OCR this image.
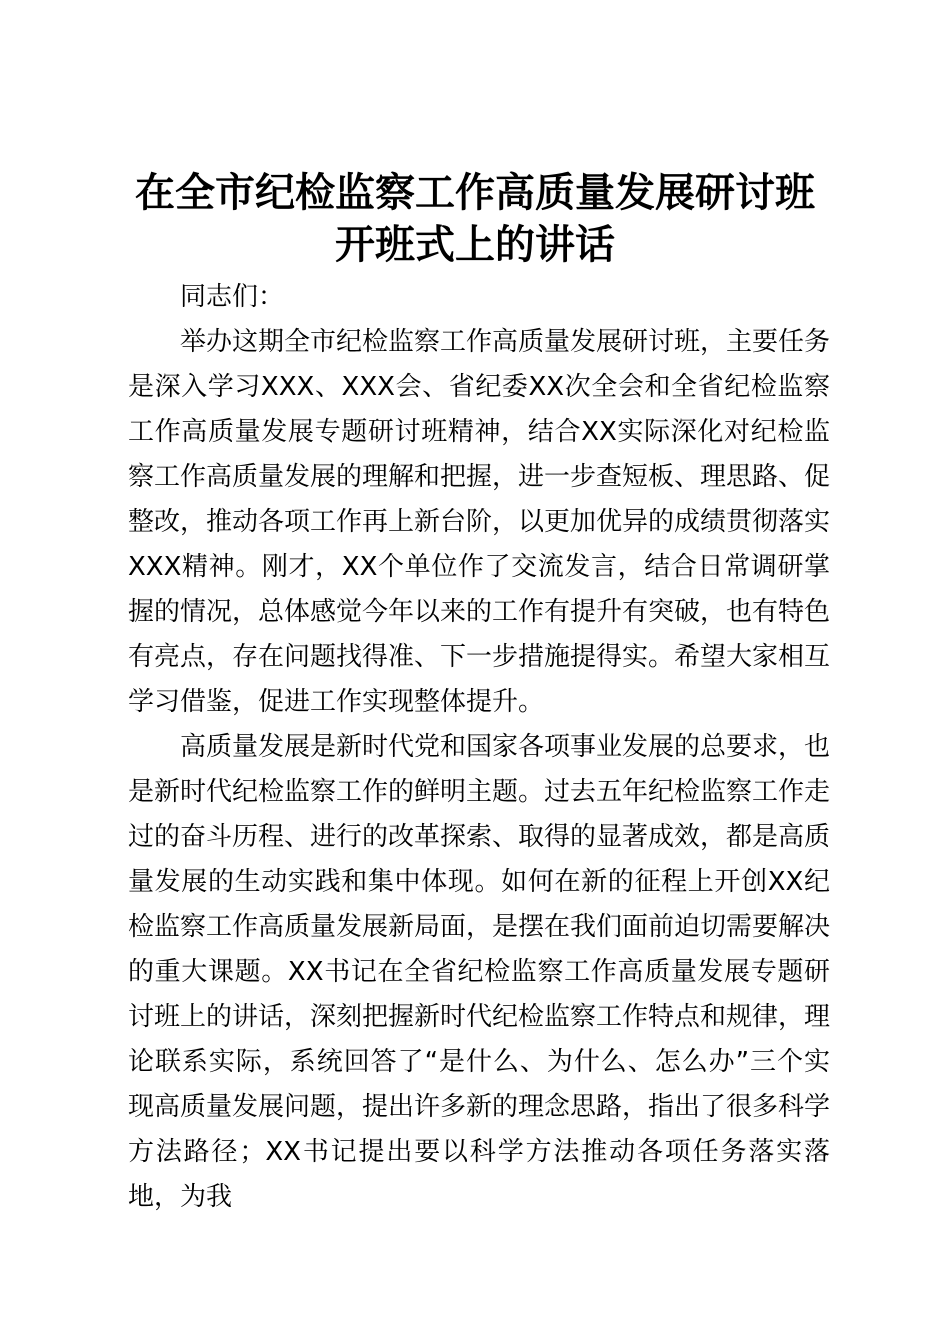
在全市纪检监察工作高质量发展研讨班
开班式上的讲话

同志们：

举办这期全市纪检监察工作高质量发展研讨班，主要任务是深入学习XXX、XXX会、省纪委XX次全会和全省纪检监察工作高质量发展专题研讨班精神，结合XX实际深化对纪检监察工作高质量发展的理解和把握，进一步查短板、理思路、促整改，推动各项工作再上新台阶，以更加优异的成绩贯彻落实XXX精神。刚才，XX个单位作了交流发言，结合日常调研掌握的情况，总体感觉今年以来的工作有提升有突破，也有特色有亮点，存在问题找得准、下一步措施提得实。希望大家相互学习借鉴，促进工作实现整体提升。

高质量发展是新时代党和国家各项事业发展的总要求，也是新时代纪检监察工作的鲜明主题。过去五年纪检监察工作走过的奋斗历程、进行的改革探索、取得的显著成效，都是高质量发展的生动实践和集中体现。如何在新的征程上开创XX纪检监察工作高质量发展新局面，是摆在我们面前迫切需要解决的重大课题。XX书记在全省纪检监察工作高质量发展专题研讨班上的讲话，深刻把握新时代纪检监察工作特点和规律，理论联系实际，系统回答了“是什么、为什么、怎么办”三个实现高质量发展问题，提出许多新的理念思路，指出了很多科学方法路径；XX书记提出要以科学方法推动各项任务落实落地，为我
